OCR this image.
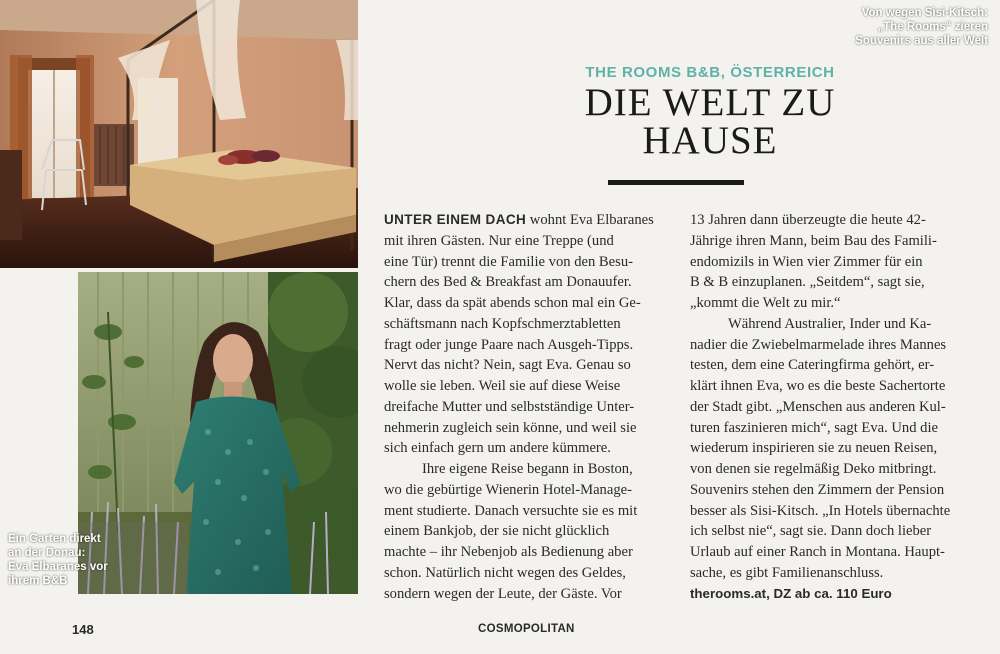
Von wegen Sisi-Kitsch:
„The Rooms“ zieren
Souvenirs aus aller Welt
Ein Garten direkt
an der Donau:
Eva Elbaranes vor
ihrem B&B
THE ROOMS B&B, ÖSTERREICH
DIE WELT ZU
HAUSE
UNTER EINEM DACH wohnt Eva Elbaranes
mit ihren Gästen. Nur eine Treppe (und
eine Tür) trennt die Familie von den Besu-
chern des Bed & Breakfast am Donauufer.
Klar, dass da spät abends schon mal ein Ge-
schäftsmann nach Kopfschmerztabletten
fragt oder junge Paare nach Ausgeh-Tipps.
Nervt das nicht? Nein, sagt Eva. Genau so
wolle sie leben. Weil sie auf diese Weise
dreifache Mutter und selbstständige Unter-
nehmerin zugleich sein könne, und weil sie
sich einfach gern um andere kümmere.
Ihre eigene Reise begann in Boston,
wo die gebürtige Wienerin Hotel-Manage-
ment studierte. Danach versuchte sie es mit
einem Bankjob, der sie nicht glücklich
machte – ihr Nebenjob als Bedienung aber
schon. Natürlich nicht wegen des Geldes,
sondern wegen der Leute, der Gäste. Vor
13 Jahren dann überzeugte die heute 42-
Jährige ihren Mann, beim Bau des Famili-
endomizils in Wien vier Zimmer für ein
B & B einzuplanen. „Seitdem“, sagt sie,
„kommt die Welt zu mir.“
Während Australier, Inder und Ka-
nadier die Zwiebelmarmelade ihres Mannes
testen, dem eine Cateringfirma gehört, er-
klärt ihnen Eva, wo es die beste Sachertorte
der Stadt gibt. „Menschen aus anderen Kul-
turen faszinieren mich“, sagt Eva. Und die
wiederum inspirieren sie zu neuen Reisen,
von denen sie regelmäßig Deko mitbringt.
Souvenirs stehen den Zimmern der Pension
besser als Sisi-Kitsch. „In Hotels übernachte
ich selbst nie“, sagt sie. Dann doch lieber
Urlaub auf einer Ranch in Montana. Haupt-
sache, es gibt Familienanschluss.
therooms.at, DZ ab ca. 110 Euro
148	COSMOPOLITAN
